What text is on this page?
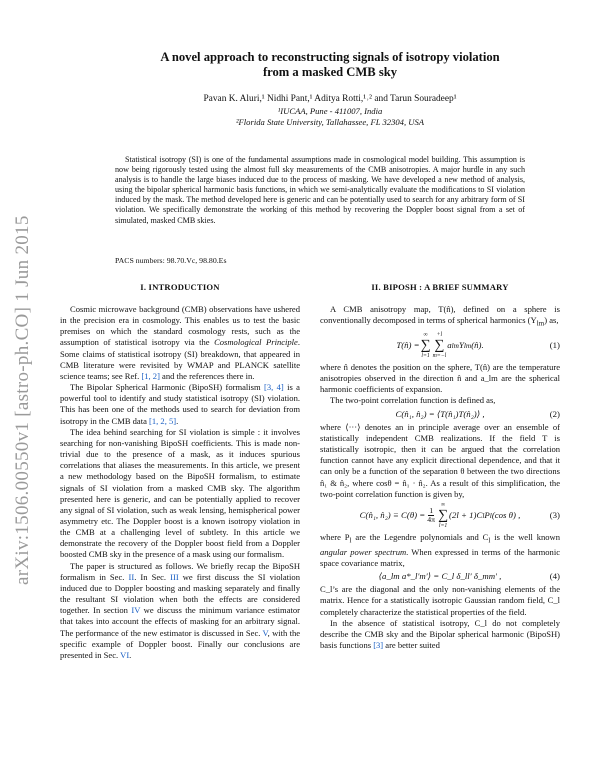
arXiv:1506.00550v1 [astro-ph.CO] 1 Jun 2015
A novel approach to reconstructing signals of isotropy violation
from a masked CMB sky
Pavan K. Aluri,¹ Nidhi Pant,¹ Aditya Rotti,¹˒² and Tarun Souradeep¹
¹IUCAA, Pune - 411007, India
²Florida State University, Tallahassee, FL 32304, USA

Statistical isotropy (SI) is one of the fundamental assumptions made in cosmological model building. This assumption is now being rigorously tested using the almost full sky measurements of the CMB anisotropies. A major hurdle in any such analysis is to handle the large biases induced due to the process of masking. We have developed a new method of analysis, using the bipolar spherical harmonic basis functions, in which we semi-analytically evaluate the modifications to SI violation induced by the mask. The method developed here is generic and can be potentially used to search for any arbitrary form of SI violation. We specifically demonstrate the working of this method by recovering the Doppler boost signal from a set of simulated, masked CMB skies.

PACS numbers: 98.70.Vc, 98.80.Es
I. INTRODUCTION	II. BIPOSH : A BRIEF SUMMARY

Cosmic microwave background (CMB) observations have ushered in the precision era in cosmology. This enables us to test the basic premises on which the standard cosmology rests, such as the assumption of statistical isotropy via the Cosmological Principle. Some claims of statistical isotropy (SI) breakdown, that appeared in CMB literature were revisited by WMAP and PLANCK satellite science teams; see Ref. [1, 2] and the references there in.

The Bipolar Spherical Harmonic (BipoSH) formalism [3, 4] is a powerful tool to identify and study statistical isotropy (SI) violation. This has been one of the methods used to search for deviation from isotropy in the CMB data [1, 2, 5].

The idea behind searching for SI violation is simple : it involves searching for non-vanishing BipoSH coefficients. This is made non-trivial due to the presence of a mask, as it induces spurious correlations that aliases the measurements. In this article, we present a new methodology based on the BipoSH formalism, to estimate signals of SI violation from a masked CMB sky. The algorithm presented here is generic, and can be potentially applied to recover any signal of SI violation, such as weak lensing, hemispherical power asymmetry etc. The Doppler boost is a known isotropy violation in the CMB at a challenging level of subtlety. In this article we demonstrate the recovery of the Doppler boost field from a Doppler boosted CMB sky in the presence of a mask using our formalism.

The paper is structured as follows. We briefly recap the BipoSH formalism in Sec. II. In Sec. III we first discuss the SI violation induced due to Doppler boosting and masking separately and finally the resultant SI violation when both the effects are considered together. In section IV we discuss the minimum variance estimator that takes into account the effects of masking for an arbitrary signal. The performance of the new estimator is discussed in Sec. V, with the specific example of Doppler boost. Finally our conclusions are presented in Sec. VI.

A CMB anisotropy map, T(n̂), defined on a sphere is conventionally decomposed in terms of spherical harmonics $(Y_{lm})$ as,

T(n̂) =
∞
∑
l=1
+l
∑
m=−l
a lm Y lm (n̂).	(1)

where n̂ denotes the position on the sphere, T(n̂) are the temperature anisotropies observed in the direction n̂ and a_lm are the spherical harmonic coefficients of expansion.

The two-point correlation function is defined as,

C(n̂₁, n̂₂) = ⟨T(n̂₁)T(n̂₂)⟩ ,	(2)

where ⟨···⟩ denotes an in principle average over an ensemble of statistically independent CMB realizations. If the field T is statistically isotropic, then it can be argued that the correlation function cannot have any explicit directional dependence, and that it can only be a function of the separation θ between the two directions n̂₁ & n̂₂, where cosθ = n̂₁ · n̂₂. As a result of this simplification, the two-point correlation function is given by,

C(n̂₁, n̂₂) ≡ $C(\theta) = \frac{1}{4\pi}$
∞
∑
l=1
(2l + 1)C l P l (cos θ) ,	(3)

where $P_l$ are the Legendre polynomials and $C_l$ is the well known angular power spectrum. When expressed in terms of the harmonic space covariance matrix,

⟨a_lm a*_l′m′⟩ = C_l δ_ll′ δ_mm′ ,	(4)

C_l’s are the diagonal and the only non-vanishing elements of the matrix. Hence for a statistically isotropic Gaussian random field, C_l completely characterize the statistical properties of the field.

In the absence of statistical isotropy, C_l do not completely describe the CMB sky and the Bipolar spherical harmonic (BipoSH) basis functions [3] are better suited
